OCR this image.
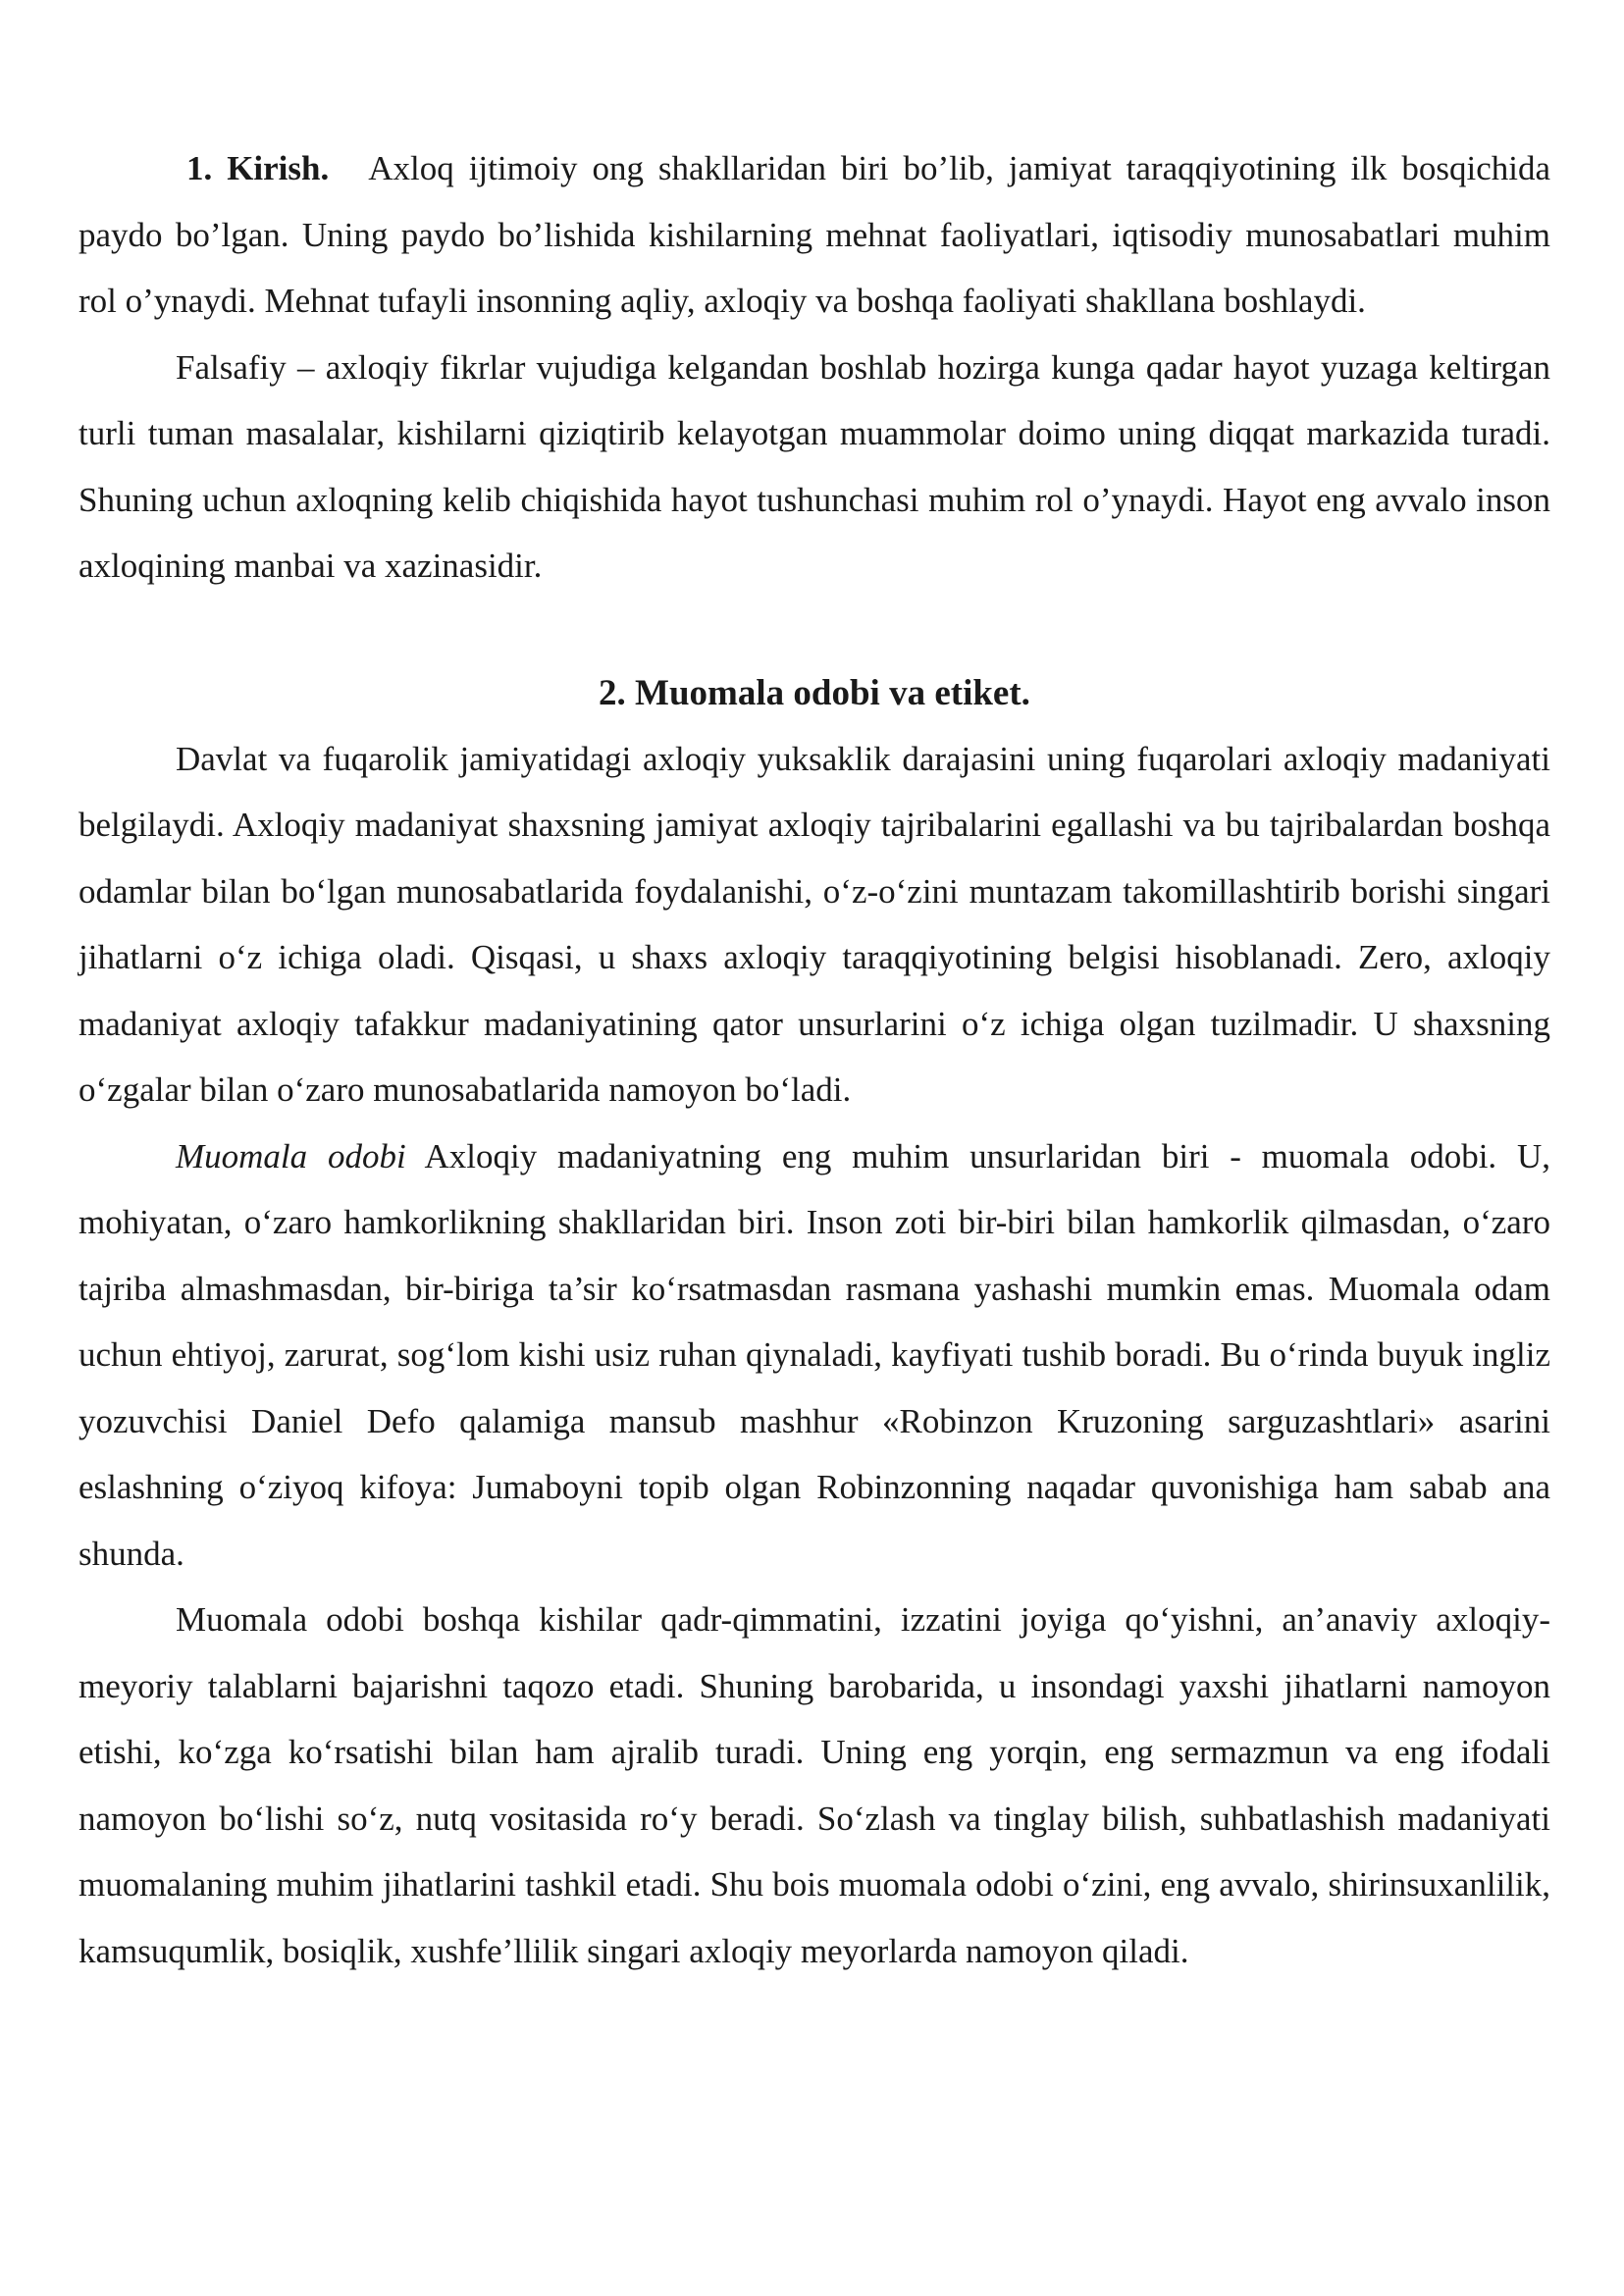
1. Kirish. Axloq ijtimoiy ong shakllaridan biri bo’lib, jamiyat taraqqiyotining ilk bosqichida paydo bo’lgan. Uning paydo bo’lishida kishilarning mehnat faoliyatlari, iqtisodiy munosabatlari muhim rol o’ynaydi. Mehnat tufayli insonning aqliy, axloqiy va boshqa faoliyati shakllana boshlaydi.

Falsafiy – axloqiy fikrlar vujudiga kelgandan boshlab hozirga kunga qadar hayot yuzaga keltirgan turli tuman masalalar, kishilarni qiziqtirib kelayotgan muammolar doimo uning diqqat markazida turadi. Shuning uchun axloqning kelib chiqishida hayot tushunchasi muhim rol o’ynaydi. Hayot eng avvalo inson axloqining manbai va xazinasidir.

2. Muomala odobi va etiket.

Davlat va fuqarolik jamiyatidagi axloqiy yuksaklik darajasini uning fuqarolari axloqiy madaniyati belgilaydi. Axloqiy madaniyat shaxsning jamiyat axloqiy tajribalarini egallashi va bu tajribalardan boshqa odamlar bilan bo‘lgan munosabatlarida foydalanishi, o‘z-o‘zini muntazam takomillashtirib borishi singari jihatlarni o‘z ichiga oladi. Qisqasi, u shaxs axloqiy taraqqiyotining belgisi hisoblanadi. Zero, axloqiy madaniyat axloqiy tafakkur madaniyatining qator unsurlarini o‘z ichiga olgan tuzilmadir. U shaxsning o‘zgalar bilan o‘zaro munosabatlarida namoyon bo‘ladi.

Muomala odobi Axloqiy madaniyatning eng muhim unsurlaridan biri - muomala odobi. U, mohiyatan, o‘zaro hamkorlikning shakllaridan biri. Inson zoti bir-biri bilan hamkorlik qilmasdan, o‘zaro tajriba almashmasdan, bir-biriga ta’sir ko‘rsatmasdan rasmana yashashi mumkin emas. Muomala odam uchun ehtiyoj, zarurat, sog‘lom kishi usiz ruhan qiynaladi, kayfiyati tushib boradi. Bu o‘rinda buyuk ingliz yozuvchisi Daniel Defo qalamiga mansub mashhur «Robinzon Kruzoning sarguzashtlari» asarini eslashning o‘ziyoq kifoya: Jumaboyni topib olgan Robinzonning naqadar quvonishiga ham sabab ana shunda.

Muomala odobi boshqa kishilar qadr-qimmatini, izzatini joyiga qo‘yishni, an’anaviy axloqiy-meyoriy talablarni bajarishni taqozo etadi. Shuning barobarida, u insondagi yaxshi jihatlarni namoyon etishi, ko‘zga ko‘rsatishi bilan ham ajralib turadi. Uning eng yorqin, eng sermazmun va eng ifodali namoyon bo‘lishi so‘z, nutq vositasida ro‘y beradi. So‘zlash va tinglay bilish, suhbatlashish madaniyati muomalaning muhim jihatlarini tashkil etadi. Shu bois muomala odobi o‘zini, eng avvalo, shirinsuxanlilik, kamsuqumlik, bosiqlik, xushfe’llilik singari axloqiy meyorlarda namoyon qiladi.
